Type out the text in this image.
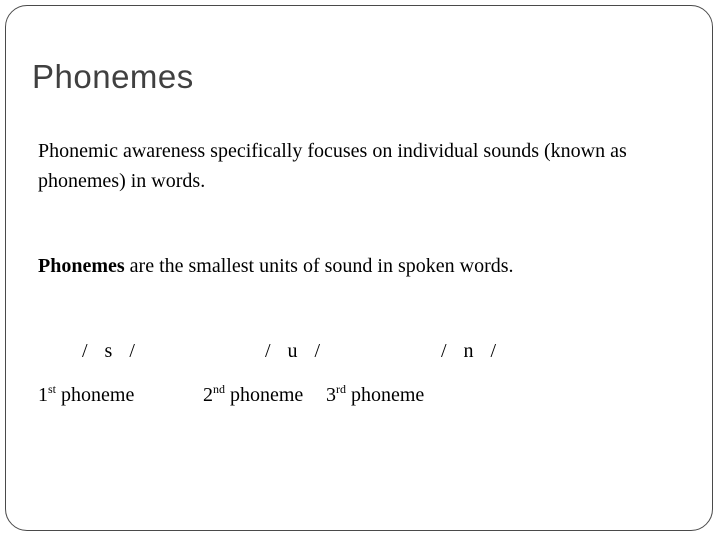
Phonemes
Phonemic awareness specifically focuses on individual sounds (known as phonemes) in words.
Phonemes are the smallest units of sound in spoken words.
/ s /	/ u /	/ n /
1st phoneme	2nd phoneme 3rd phoneme
